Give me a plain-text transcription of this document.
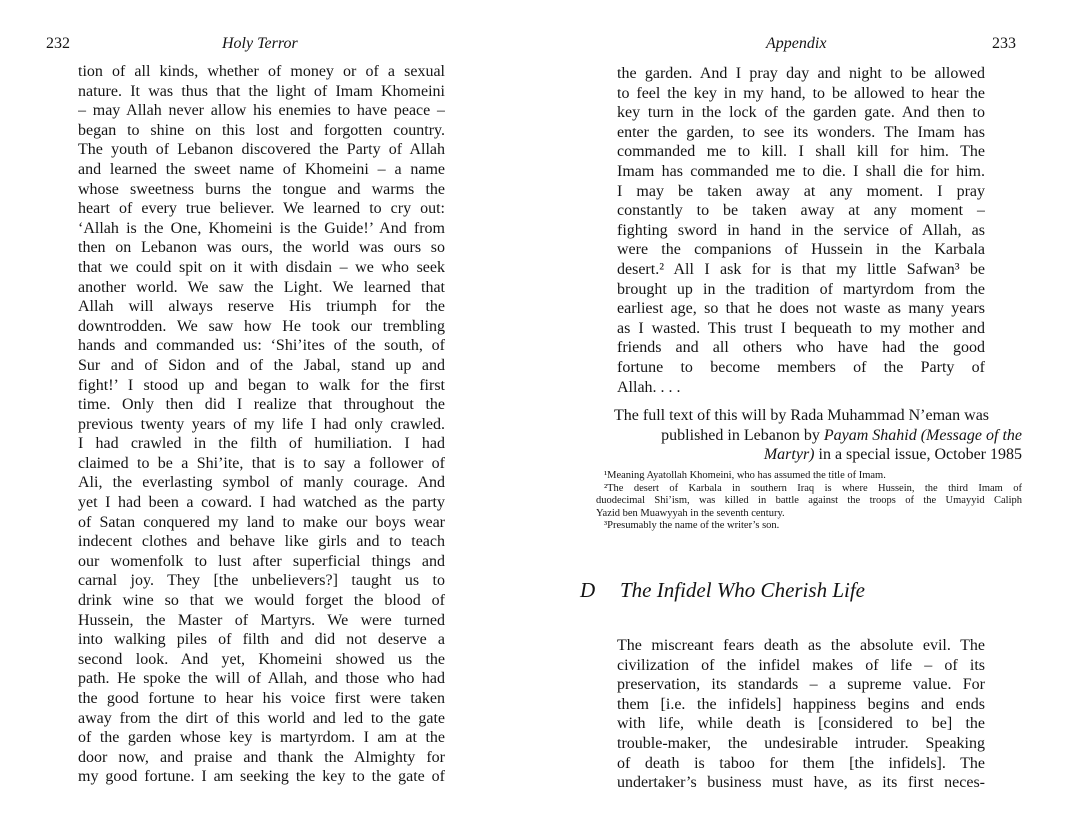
232	Holy Terror
tion of all kinds, whether of money or of a sexual
nature. It was thus that the light of Imam Khomeini
– may Allah never allow his enemies to have peace –
began to shine on this lost and forgotten country.
The youth of Lebanon discovered the Party of Allah
and learned the sweet name of Khomeini – a name
whose sweetness burns the tongue and warms the
heart of every true believer. We learned to cry out:
‘Allah is the One, Khomeini is the Guide!’ And from
then on Lebanon was ours, the world was ours so
that we could spit on it with disdain – we who seek
another world. We saw the Light. We learned that
Allah will always reserve His triumph for the
downtrodden. We saw how He took our trembling
hands and commanded us: ‘Shi’ites of the south, of
Sur and of Sidon and of the Jabal, stand up and
fight!’ I stood up and began to walk for the first
time. Only then did I realize that throughout the
previous twenty years of my life I had only crawled.
I had crawled in the filth of humiliation. I had
claimed to be a Shi’ite, that is to say a follower of
Ali, the everlasting symbol of manly courage. And
yet I had been a coward. I had watched as the party
of Satan conquered my land to make our boys wear
indecent clothes and behave like girls and to teach
our womenfolk to lust after superficial things and
carnal joy. They [the unbelievers?] taught us to
drink wine so that we would forget the blood of
Hussein, the Master of Martyrs. We were turned
into walking piles of filth and did not deserve a
second look. And yet, Khomeini showed us the
path. He spoke the will of Allah, and those who had
the good fortune to hear his voice first were taken
away from the dirt of this world and led to the gate
of the garden whose key is martyrdom. I am at the
door now, and praise and thank the Almighty for
my good fortune. I am seeking the key to the gate of
Appendix	233
the garden. And I pray day and night to be allowed
to feel the key in my hand, to be allowed to hear the
key turn in the lock of the garden gate. And then to
enter the garden, to see its wonders. The Imam has
commanded me to kill. I shall kill for him. The
Imam has commanded me to die. I shall die for him.
I may be taken away at any moment. I pray
constantly to be taken away at any moment –
fighting sword in hand in the service of Allah, as
were the companions of Hussein in the Karbala
desert.² All I ask for is that my little Safwan³ be
brought up in the tradition of martyrdom from the
earliest age, so that he does not waste as many years
as I wasted. This trust I bequeath to my mother and
friends and all others who have had the good
fortune to become members of the Party of
Allah. . . .
The full text of this will by Rada Muhammad N’eman was
published in Lebanon by Payam Shahid (Message of the
Martyr) in a special issue, October 1985
¹Meaning Ayatollah Khomeini, who has assumed the title of Imam.
²The desert of Karbala in southern Iraq is where Hussein, the third Imam of
duodecimal Shi’ism, was killed in battle against the troops of the Umayyid Caliph
Yazid ben Muawyyah in the seventh century.
³Presumably the name of the writer’s son.
D The Infidel Who Cherish Life
The miscreant fears death as the absolute evil. The
civilization of the infidel makes of life – of its
preservation, its standards – a supreme value. For
them [i.e. the infidels] happiness begins and ends
with life, while death is [considered to be] the
trouble-maker, the undesirable intruder. Speaking
of death is taboo for them [the infidels]. The
undertaker’s business must have, as its first neces-
